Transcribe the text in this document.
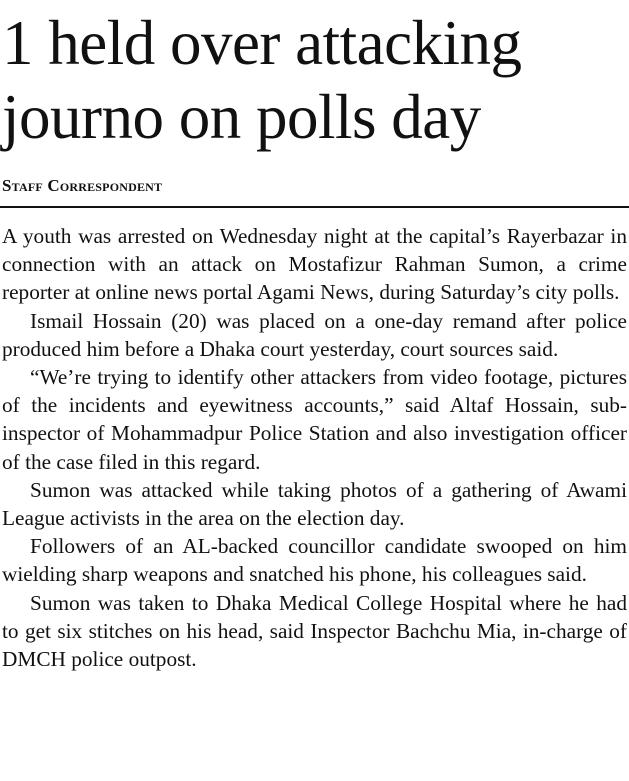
1 held over attacking journo on polls day
Staff Correspondent

A youth was arrested on Wednesday night at the capital’s Rayerbazar in connection with an attack on Mostafizur Rahman Sumon, a crime reporter at online news portal Agami News, during Saturday’s city polls.

Ismail Hossain (20) was placed on a one-day remand after police produced him before a Dhaka court yesterday, court sources said.

“We’re trying to identify other attackers from video footage, pictures of the incidents and eyewitness accounts,” said Altaf Hossain, sub-inspector of Mohammadpur Police Station and also investigation officer of the case filed in this regard.

Sumon was attacked while taking photos of a gathering of Awami League activists in the area on the election day.

Followers of an AL-backed councillor candidate swooped on him wielding sharp weapons and snatched his phone, his colleagues said.

Sumon was taken to Dhaka Medical College Hospital where he had to get six stitches on his head, said Inspector Bachchu Mia, in-charge of DMCH police outpost.
